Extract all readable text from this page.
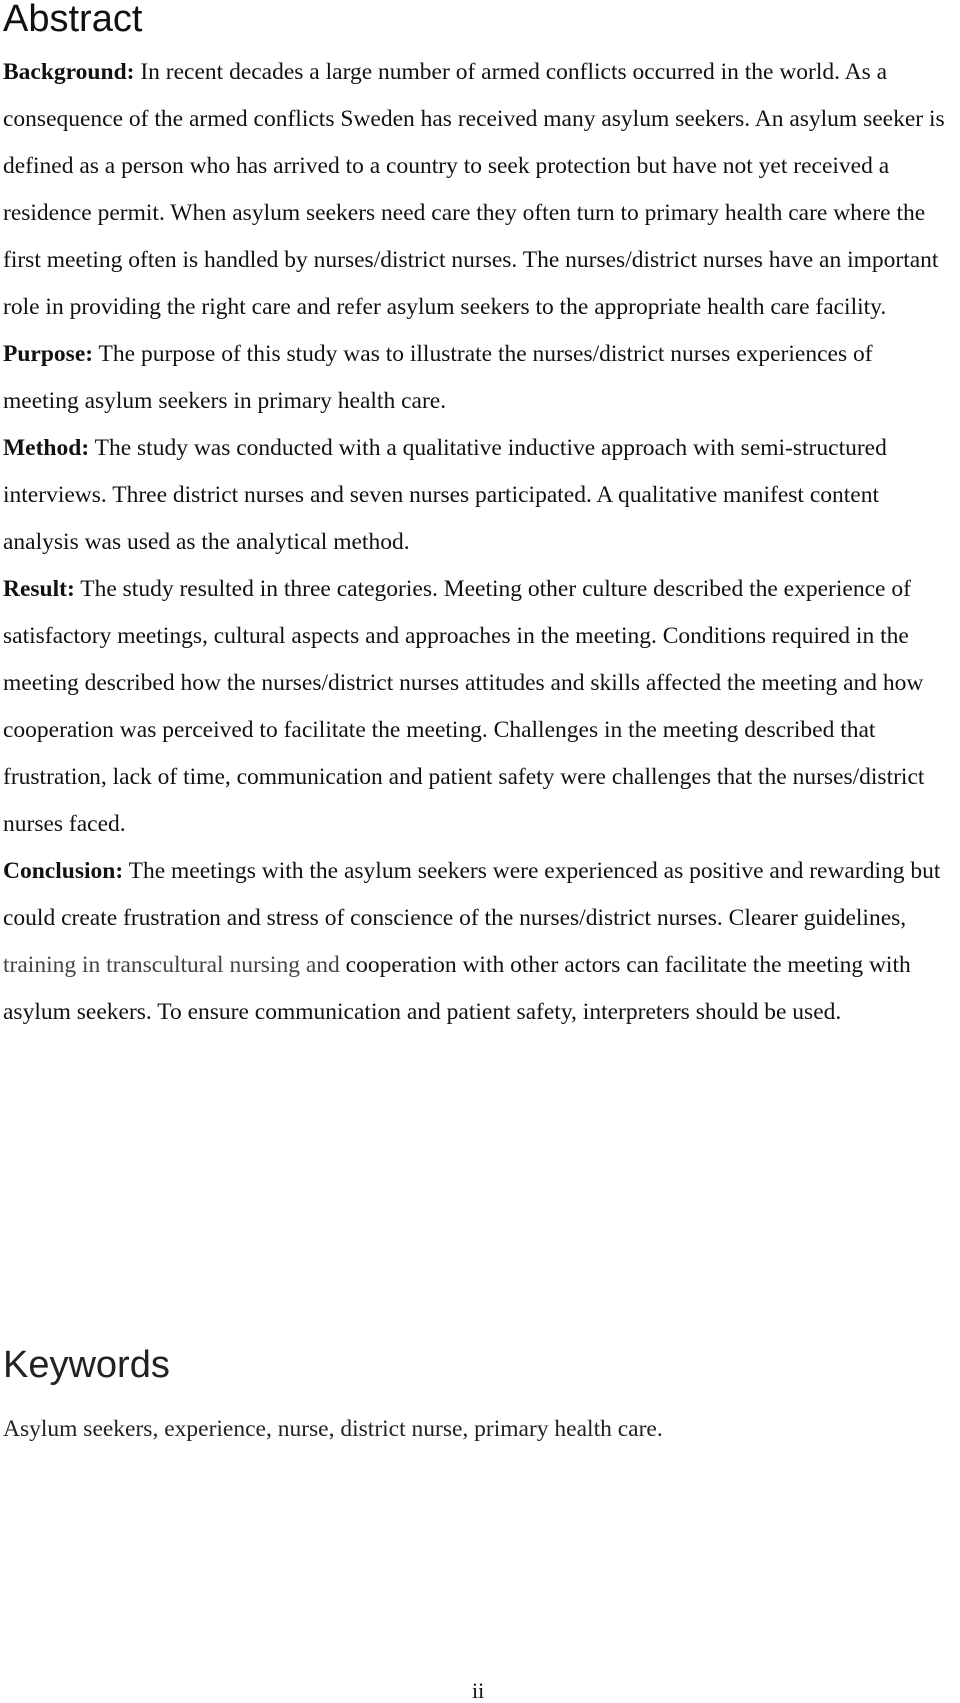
Abstract

Background: In recent decades a large number of armed conflicts occurred in the world. As a consequence of the armed conflicts Sweden has received many asylum seekers. An asylum seeker is defined as a person who has arrived to a country to seek protection but have not yet received a residence permit. When asylum seekers need care they often turn to primary health care where the first meeting often is handled by nurses/district nurses. The nurses/district nurses have an important role in providing the right care and refer asylum seekers to the appropriate health care facility.

Purpose: The purpose of this study was to illustrate the nurses/district nurses experiences of meeting asylum seekers in primary health care.

Method: The study was conducted with a qualitative inductive approach with semi-structured interviews. Three district nurses and seven nurses participated. A qualitative manifest content analysis was used as the analytical method.

Result: The study resulted in three categories. Meeting other culture described the experience of satisfactory meetings, cultural aspects and approaches in the meeting. Conditions required in the meeting described how the nurses/district nurses attitudes and skills affected the meeting and how cooperation was perceived to facilitate the meeting. Challenges in the meeting described that frustration, lack of time, communication and patient safety were challenges that the nurses/district nurses faced.

Conclusion: The meetings with the asylum seekers were experienced as positive and rewarding but could create frustration and stress of conscience of the nurses/district nurses. Clearer guidelines, training in transcultural nursing and cooperation with other actors can facilitate the meeting with asylum seekers. To ensure communication and patient safety, interpreters should be used.

Keywords

Asylum seekers, experience, nurse, district nurse, primary health care.

ii
